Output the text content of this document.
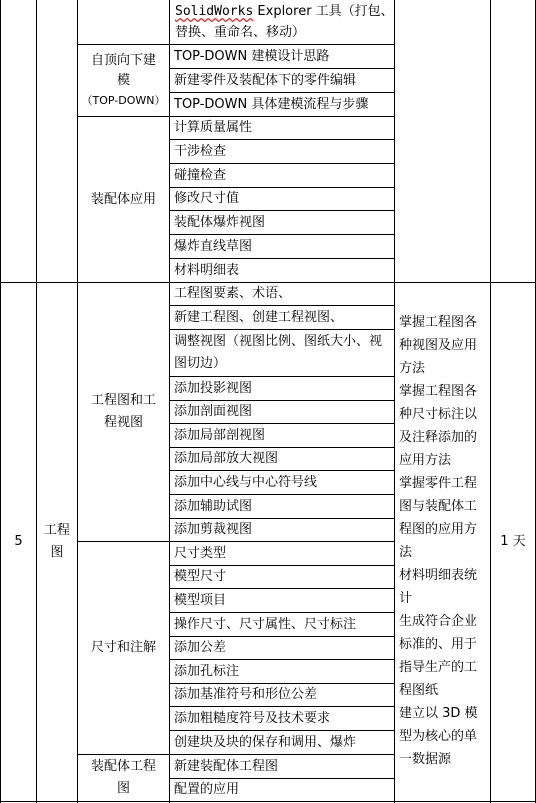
SolidWorks Explorer 工具（打包、
替换、重命名、移动）
自顶向下建
模
（TOP-DOWN）
TOP-DOWN 建模设计思路
新建零件及装配体下的零件编辑
TOP-DOWN 具体建模流程与步骤
装配体应用
计算质量属性
干涉检查
碰撞检查
修改尺寸值
装配体爆炸视图
爆炸直线草图
材料明细表
5
工程图
工程图和工程视图
工程图要素、术语、
新建工程图、创建工程视图、
调整视图（视图比例、图纸大小、视图切边）
添加投影视图
添加剖面视图
添加局部剖视图
添加局部放大视图
添加中心线与中心符号线
添加辅助试图
添加剪裁视图
尺寸和注解
尺寸类型
模型尺寸
模型项目
操作尺寸、尺寸属性、尺寸标注
添加公差
添加孔标注
添加基准符号和形位公差
添加粗糙度符号及技术要求
创建块及块的保存和调用、爆炸
装配体工程图
新建装配体工程图
配置的应用
掌握工程图各种视图及应用方法
掌握工程图各种尺寸标注以及注释添加的应用方法
掌握零件工程图与装配体工程图的应用方法
材料明细表统计
生成符合企业标准的、用于指导生产的工程图纸
建立以 3D 模型为核心的单一数据源
1 天
